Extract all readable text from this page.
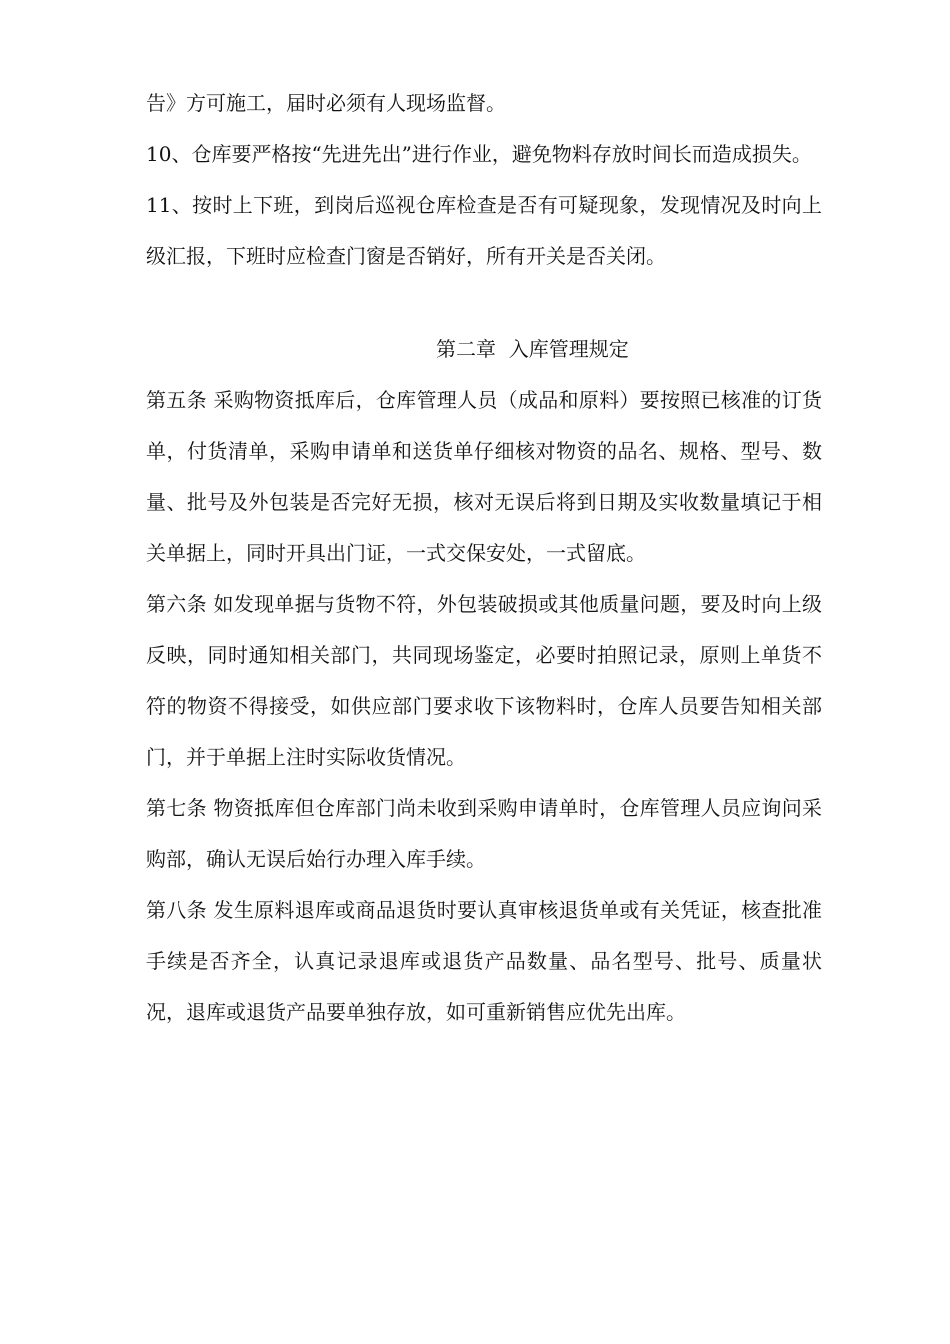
告》方可施工，届时必须有人现场监督。

10、仓库要严格按“先进先出”进行作业，避免物料存放时间长而造成损失。

11、按时上下班，到岗后巡视仓库检查是否有可疑现象，发现情况及时向上级汇报，下班时应检查门窗是否销好，所有开关是否关闭。

第二章  入库管理规定

第五条 采购物资抵库后，仓库管理人员（成品和原料）要按照已核准的订货单，付货清单，采购申请单和送货单仔细核对物资的品名、规格、型号、数量、批号及外包装是否完好无损，核对无误后将到日期及实收数量填记于相关单据上，同时开具出门证，一式交保安处，一式留底。

第六条 如发现单据与货物不符，外包装破损或其他质量问题，要及时向上级反映，同时通知相关部门，共同现场鉴定，必要时拍照记录，原则上单货不符的物资不得接受，如供应部门要求收下该物料时，仓库人员要告知相关部门，并于单据上注时实际收货情况。

第七条 物资抵库但仓库部门尚未收到采购申请单时，仓库管理人员应询问采购部，确认无误后始行办理入库手续。

第八条 发生原料退库或商品退货时要认真审核退货单或有关凭证，核查批准手续是否齐全，认真记录退库或退货产品数量、品名型号、批号、质量状况，退库或退货产品要单独存放，如可重新销售应优先出库。
